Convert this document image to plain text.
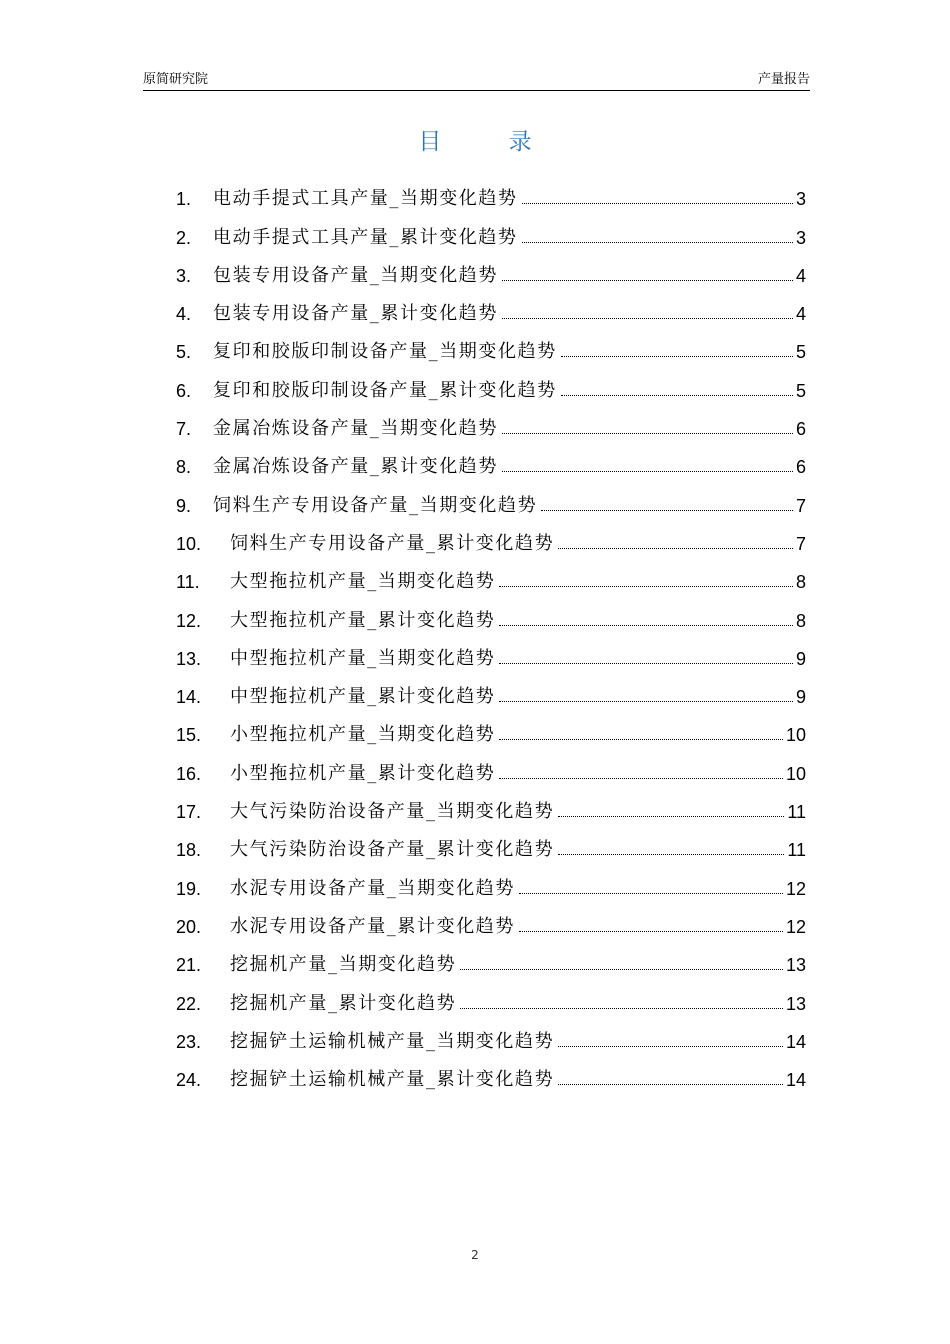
原简研究院	产量报告
目 录
1.	电动手提式工具产量_当期变化趋势	3
2.	电动手提式工具产量_累计变化趋势	3
3.	包装专用设备产量_当期变化趋势	4
4.	包装专用设备产量_累计变化趋势	4
5.	复印和胶版印制设备产量_当期变化趋势	5
6.	复印和胶版印制设备产量_累计变化趋势	5
7.	金属冶炼设备产量_当期变化趋势	6
8.	金属冶炼设备产量_累计变化趋势	6
9.	饲料生产专用设备产量_当期变化趋势	7
10.	饲料生产专用设备产量_累计变化趋势	7
11.	大型拖拉机产量_当期变化趋势	8
12.	大型拖拉机产量_累计变化趋势	8
13.	中型拖拉机产量_当期变化趋势	9
14.	中型拖拉机产量_累计变化趋势	9
15.	小型拖拉机产量_当期变化趋势	10
16.	小型拖拉机产量_累计变化趋势	10
17.	大气污染防治设备产量_当期变化趋势	11
18.	大气污染防治设备产量_累计变化趋势	11
19.	水泥专用设备产量_当期变化趋势	12
20.	水泥专用设备产量_累计变化趋势	12
21.	挖掘机产量_当期变化趋势	13
22.	挖掘机产量_累计变化趋势	13
23.	挖掘铲土运输机械产量_当期变化趋势	14
24.	挖掘铲土运输机械产量_累计变化趋势	14
2
